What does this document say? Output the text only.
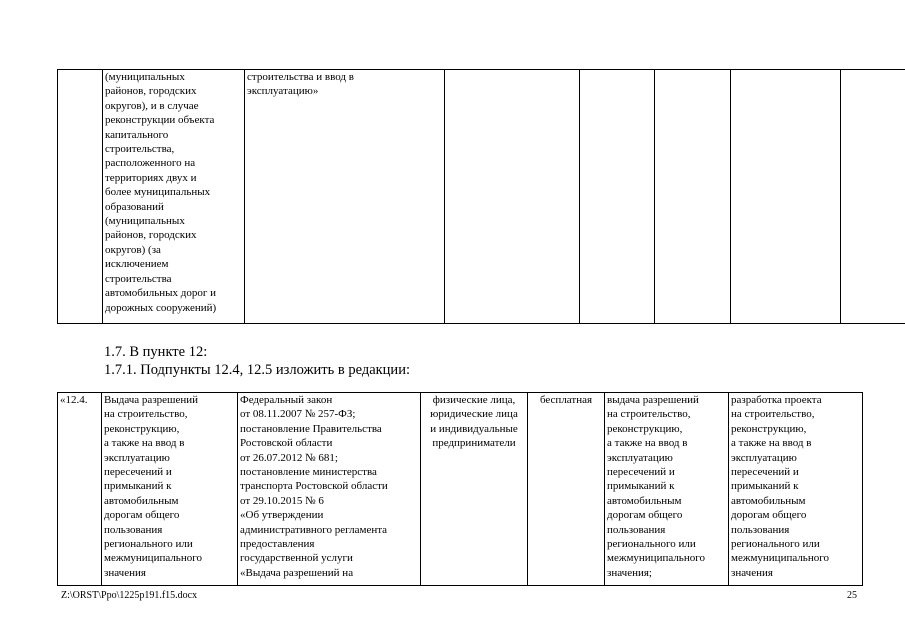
	(муниципальных
районов, городских
округов), и в случае
реконструкции объекта
капитального
строительства,
расположенного на
территориях двух и
более муниципальных
образований
(муниципальных
районов, городских
округов) (за
исключением
строительства
автомобильных дорог и
дорожных сооружений)	строительства и ввод в
эксплуатацию»					
1.7. В пункте 12:
1.7.1. Подпункты 12.4, 12.5 изложить в редакции:
«12.4.	Выдача разрешений
на строительство,
реконструкцию,
а также на ввод в
эксплуатацию
пересечений и
примыканий к
автомобильным
дорогам общего
пользования
регионального или
межмуниципального
значения	Федеральный закон
от 08.11.2007 № 257-ФЗ;
постановление Правительства
Ростовской области
от 26.07.2012 № 681;
постановление министерства
транспорта Ростовской области
от 29.10.2015 № 6
«Об утверждении
административного регламента
предоставления
государственной услуги
«Выдача разрешений на	физические лица,
юридические лица
и индивидуальные
предприниматели	бесплатная	выдача разрешений
на строительство,
реконструкцию,
а также на ввод в
эксплуатацию
пересечений и
примыканий к
автомобильным
дорогам общего
пользования
регионального или
межмуниципального
значения;	разработка проекта
на строительство,
реконструкцию,
а также на ввод в
эксплуатацию
пересечений и
примыканий к
автомобильным
дорогам общего
пользования
регионального или
межмуниципального
значения
Z:\ORST\Ppo\1225p191.f15.docx	25
